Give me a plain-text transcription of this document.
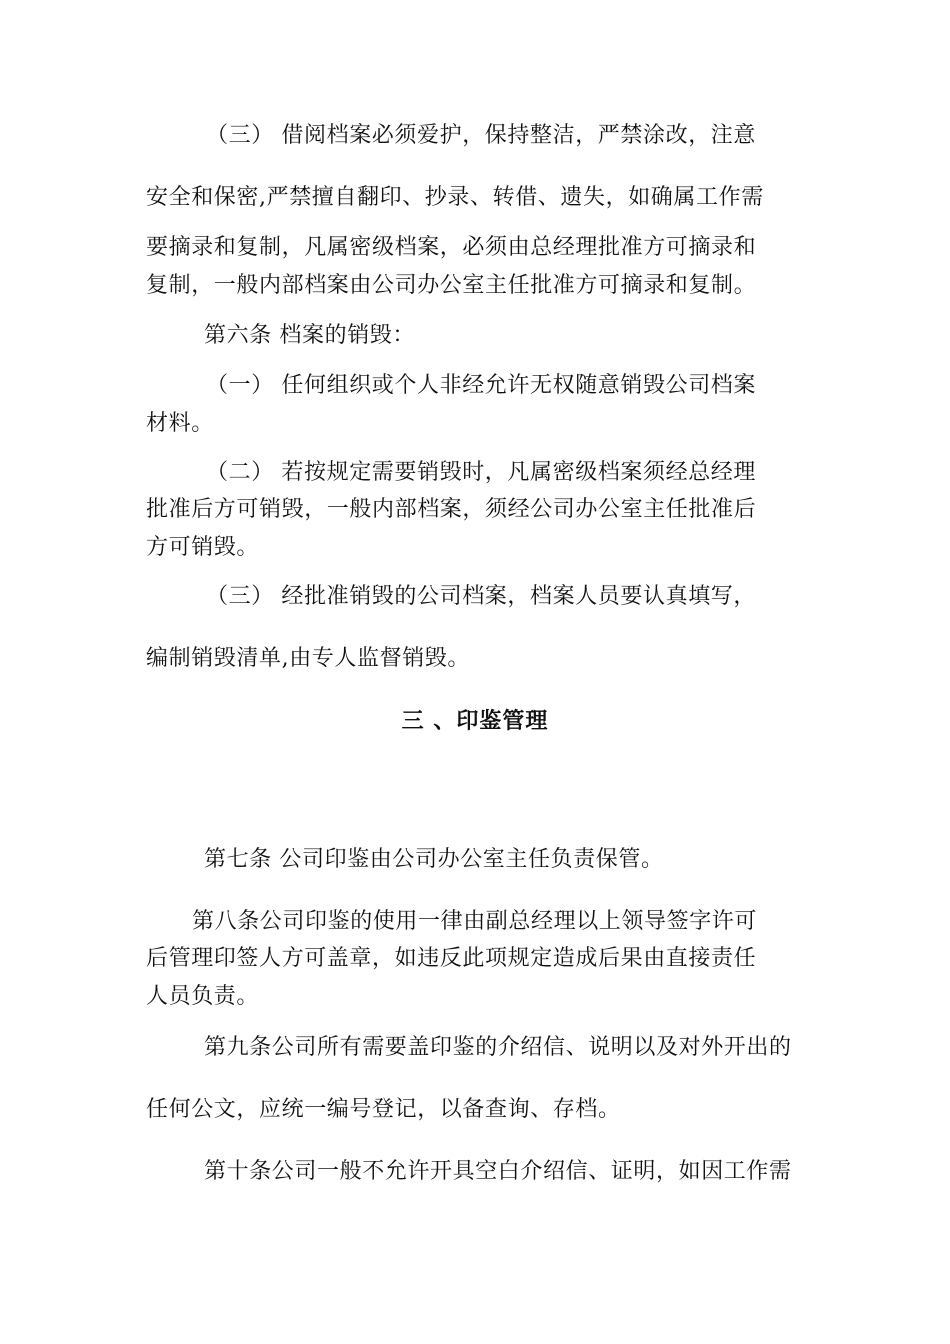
（三） 借阅档案必须爱护，保持整洁，严禁涂改，注意
安全和保密,严禁擅自翻印、抄录、转借、遗失，如确属工作需
要摘录和复制，凡属密级档案，必须由总经理批准方可摘录和
复制，一般内部档案由公司办公室主任批准方可摘录和复制。
第六条 档案的销毁：
（一） 任何组织或个人非经允许无权随意销毁公司档案
材料。
（二） 若按规定需要销毁时，凡属密级档案须经总经理
批准后方可销毁，一般内部档案，须经公司办公室主任批准后
方可销毁。
（三） 经批准销毁的公司档案，档案人员要认真填写，
编制销毁清单,由专人监督销毁。
三 、印鉴管理
第七条 公司印鉴由公司办公室主任负责保管。
第八条公司印鉴的使用一律由副总经理以上领导签字许可
后管理印签人方可盖章，如违反此项规定造成后果由直接责任
人员负责。
第九条公司所有需要盖印鉴的介绍信、说明以及对外开出的
任何公文，应统一编号登记，以备查询、存档。
第十条公司一般不允许开具空白介绍信、证明，如因工作需
